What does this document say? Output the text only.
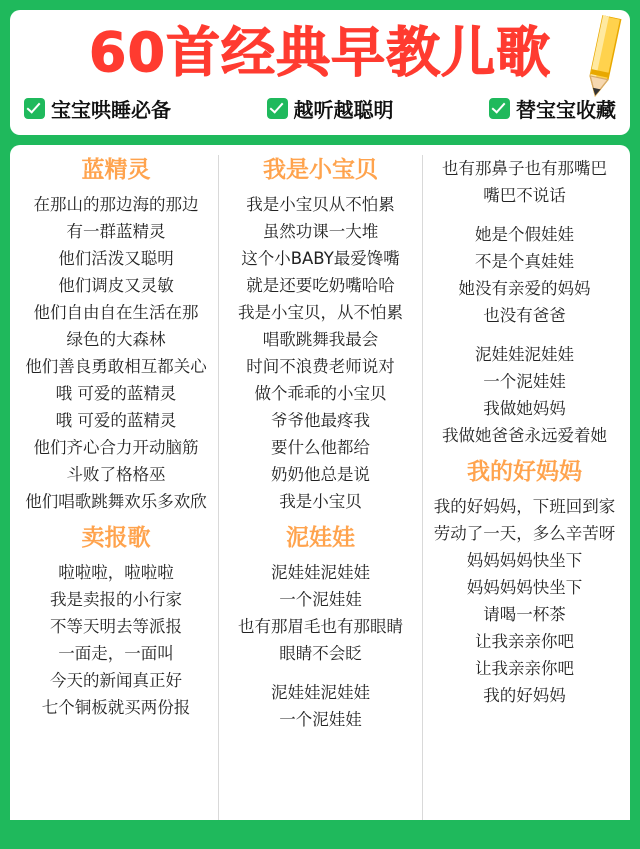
60首经典早教儿歌
宝宝哄睡必备	越听越聪明	替宝宝收藏
蓝精灵
在那山的那边海的那边
有一群蓝精灵
他们活泼又聪明
他们调皮又灵敏
他们自由自在生活在那
绿色的大森林
他们善良勇敢相互都关心
哦 可爱的蓝精灵
哦 可爱的蓝精灵
他们齐心合力开动脑筋
斗败了格格巫
他们唱歌跳舞欢乐多欢欣
卖报歌
啦啦啦，啦啦啦
我是卖报的小行家
不等天明去等派报
一面走，一面叫
今天的新闻真正好
七个铜板就买两份报
我是小宝贝
我是小宝贝从不怕累
虽然功课一大堆
这个小BABY最爱馋嘴
就是还要吃奶嘴哈哈
我是小宝贝，从不怕累
唱歌跳舞我最会
时间不浪费老师说对
做个乖乖的小宝贝
爷爷他最疼我
要什么他都给
奶奶他总是说
我是小宝贝
泥娃娃
泥娃娃泥娃娃
一个泥娃娃
也有那眉毛也有那眼睛
眼睛不会眨
泥娃娃泥娃娃
一个泥娃娃
也有那鼻子也有那嘴巴
嘴巴不说话
她是个假娃娃
不是个真娃娃
她没有亲爱的妈妈
也没有爸爸
泥娃娃泥娃娃
一个泥娃娃
我做她妈妈
我做她爸爸永远爱着她
我的好妈妈
我的好妈妈，下班回到家
劳动了一天，多么辛苦呀
妈妈妈妈快坐下
妈妈妈妈快坐下
请喝一杯茶
让我亲亲你吧
让我亲亲你吧
我的好妈妈
